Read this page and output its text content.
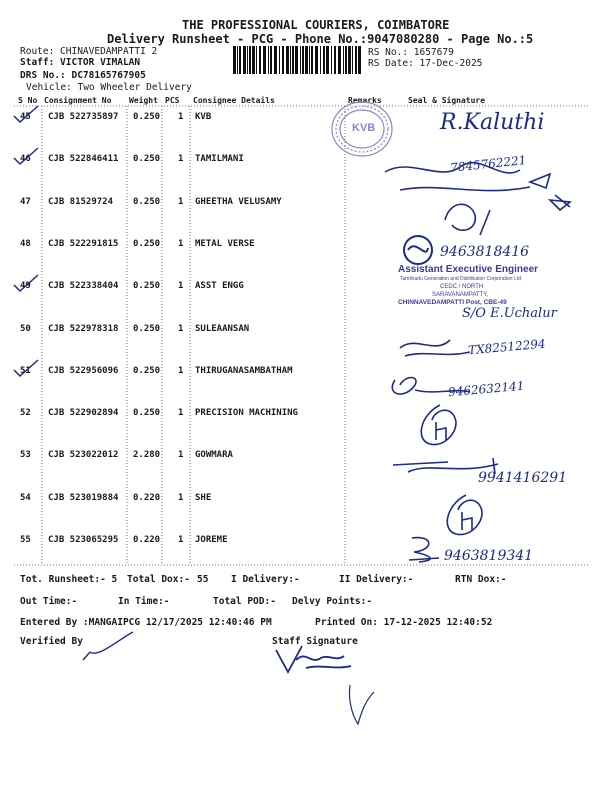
THE PROFESSIONAL COURIERS, COIMBATORE
Delivery Runsheet - PCG - Phone No.:9047080280 - Page No.:5
Route: CHINAVEDAMPATTI 2
Staff: VICTOR VIMALAN
DRS No.: DC78165767905
Vehicle: Two Wheeler Delivery
RS No.: 1657679
RS Date: 17-Dec-2025
S No Consignment No Weight PCS Consignee Details	Remarks	Seal & Signature
45 CJB 522735897 0.250 1 KVB
46 CJB 522846411 0.250 1 TAMILMANI
47 CJB 81529724 0.250 1 GHEETHA VELUSAMY
48 CJB 522291815 0.250 1 METAL VERSE
49 CJB 522338404 0.250 1 ASST ENGG
50 CJB 522978318 0.250 1 SULEAANSAN
51 CJB 522956096 0.250 1 THIRUGANASAMBATHAM
52 CJB 522902894 0.250 1 PRECISION MACHINING
53 CJB 523022012 2.280 1 GOWMARA
54 CJB 523019884 0.220 1 SHE
55 CJB 523065295 0.220 1 JOREME
KVB	R.Kaluthi
7845762221
9463818416
Assistant Executive Engineer
Tamilnadu Generation and Distribution Corporation Ltd
CEDC / NORTH
SARAVANAMPATTY,
CHINNAVEDAMPATTI Post, CBE-49
S/O E.Uchalur
TX82512294
9462632141
9941416291
9463819341
Tot. Runsheet:- 5 Total Dox:- 55 I Delivery:-	II Delivery:-	RTN Dox:-
Out Time:-	In Time:-	Total POD:- Delvy Points:-
Entered By :MANGAIPCG 12/17/2025 12:40:46 PM	Printed On: 17-12-2025 12:40:52
Verified By	Staff Signature
